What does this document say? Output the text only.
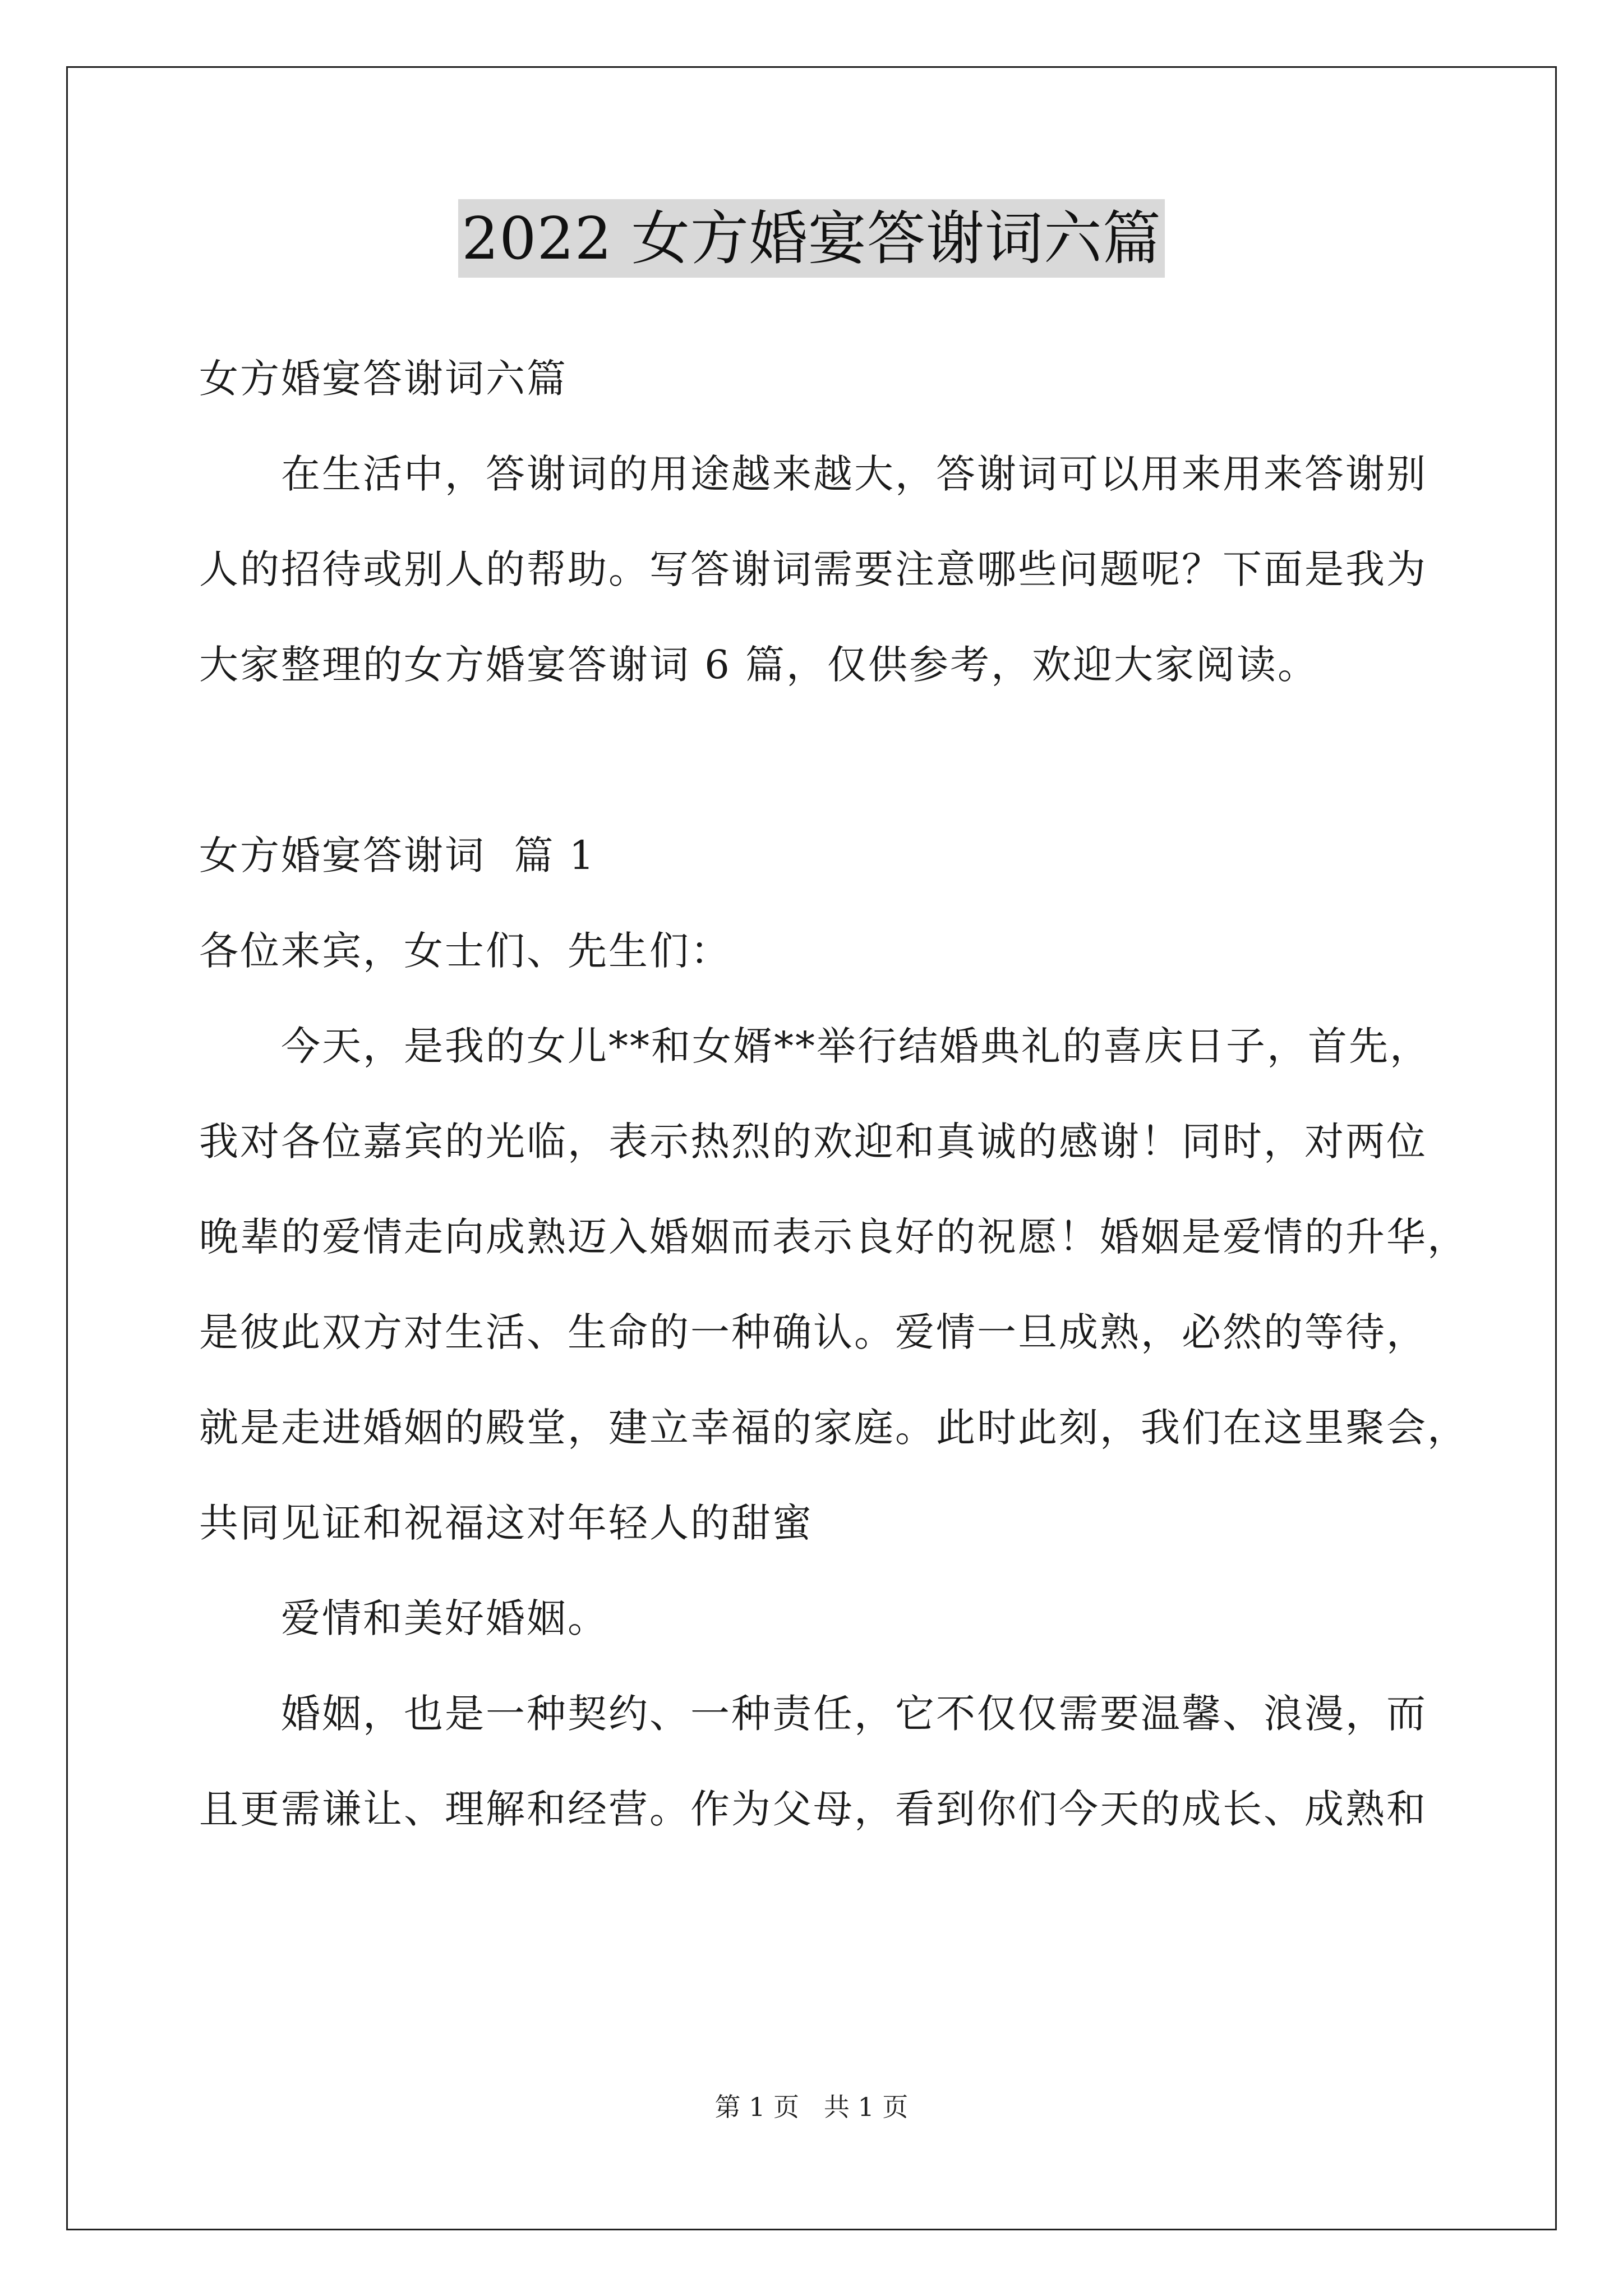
2022 女方婚宴答谢词六篇

女方婚宴答谢词六篇

在生活中，答谢词的用途越来越大，答谢词可以用来用来答谢别

人的招待或别人的帮助。写答谢词需要注意哪些问题呢？下面是我为

大家整理的女方婚宴答谢词 6 篇，仅供参考，欢迎大家阅读。

女方婚宴答谢词  篇 1

各位来宾，女士们、先生们：

今天，是我的女儿**和女婿**举行结婚典礼的喜庆日子，首先，

我对各位嘉宾的光临，表示热烈的欢迎和真诚的感谢！同时，对两位

晚辈的爱情走向成熟迈入婚姻而表示良好的祝愿！婚姻是爱情的升华，

是彼此双方对生活、生命的一种确认。爱情一旦成熟，必然的等待，

就是走进婚姻的殿堂，建立幸福的家庭。此时此刻，我们在这里聚会，

共同见证和祝福这对年轻人的甜蜜

爱情和美好婚姻。

婚姻，也是一种契约、一种责任，它不仅仅需要温馨、浪漫，而

且更需谦让、理解和经营。作为父母，看到你们今天的成长、成熟和

第 1 页   共 1 页
